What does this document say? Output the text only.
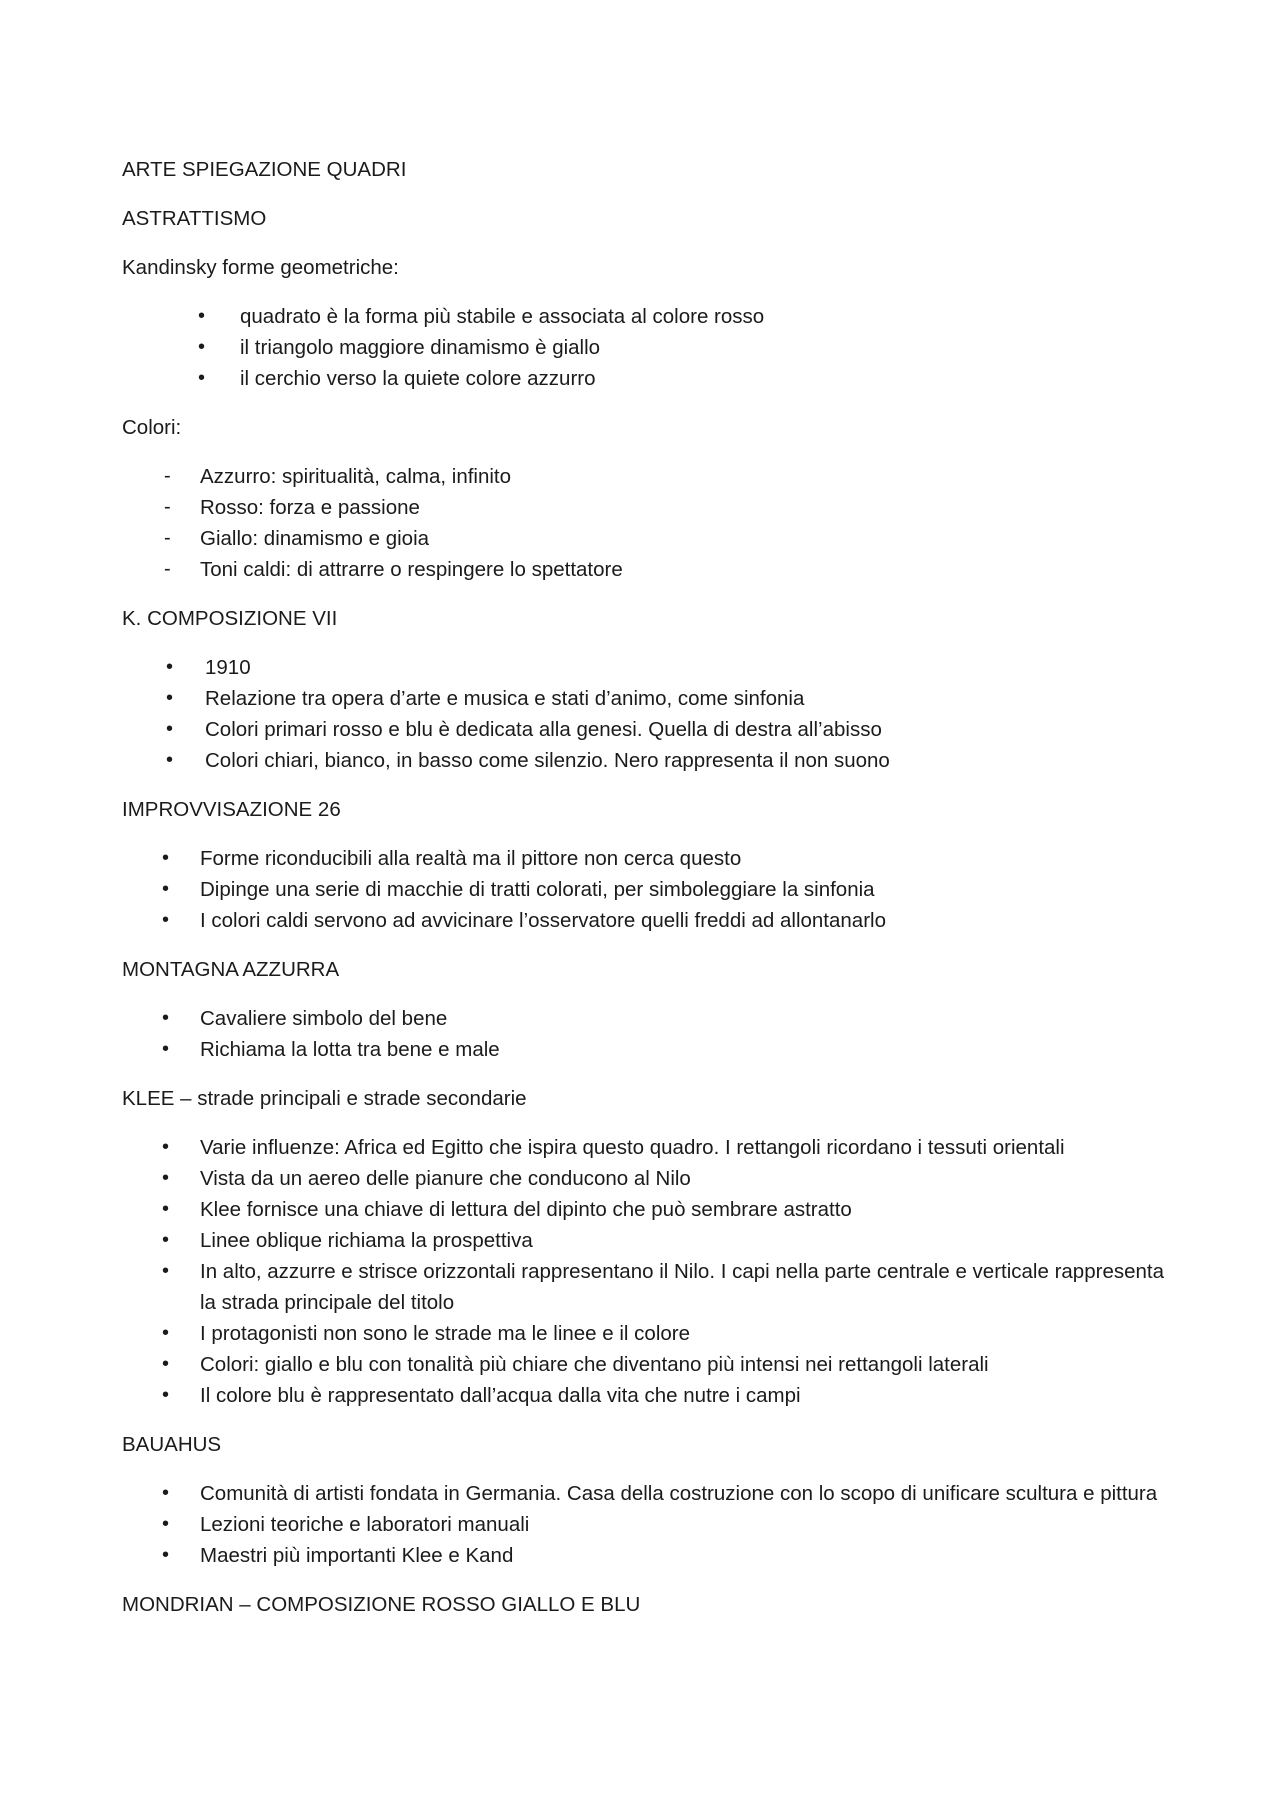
ARTE SPIEGAZIONE QUADRI

ASTRATTISMO

Kandinsky forme geometriche:

• quadrato è la forma più stabile e associata al colore rosso
• il triangolo maggiore dinamismo è giallo
• il cerchio verso la quiete colore azzurro

Colori:

- Azzurro: spiritualità, calma, infinito
- Rosso: forza e passione
- Giallo: dinamismo e gioia
- Toni caldi: di attrarre o respingere lo spettatore

K. COMPOSIZIONE VII

• 1910
• Relazione tra opera d’arte e musica e stati d’animo, come sinfonia
• Colori primari rosso e blu è dedicata alla genesi. Quella di destra all’abisso
• Colori chiari, bianco, in basso come silenzio. Nero rappresenta il non suono

IMPROVVISAZIONE 26

• Forme riconducibili alla realtà ma il pittore non cerca questo
• Dipinge una serie di macchie di tratti colorati, per simboleggiare la sinfonia
• I colori caldi servono ad avvicinare l’osservatore quelli freddi ad allontanarlo

MONTAGNA AZZURRA

• Cavaliere simbolo del bene
• Richiama la lotta tra bene e male

KLEE – strade principali e strade secondarie

• Varie influenze: Africa ed Egitto che ispira questo quadro. I rettangoli ricordano i tessuti orientali
• Vista da un aereo delle pianure che conducono al Nilo
• Klee fornisce una chiave di lettura del dipinto che può sembrare astratto
• Linee oblique richiama la prospettiva
• In alto, azzurre e strisce orizzontali rappresentano il Nilo. I capi nella parte centrale e verticale rappresenta la strada principale del titolo
• I protagonisti non sono le strade ma le linee e il colore
• Colori: giallo e blu con tonalità più chiare che diventano più intensi nei rettangoli laterali
• Il colore blu è rappresentato dall’acqua dalla vita che nutre i campi

BAUAHUS

• Comunità di artisti fondata in Germania. Casa della costruzione con lo scopo di unificare scultura e pittura
• Lezioni teoriche e laboratori manuali
• Maestri più importanti Klee e Kand

MONDRIAN – COMPOSIZIONE ROSSO GIALLO E BLU
